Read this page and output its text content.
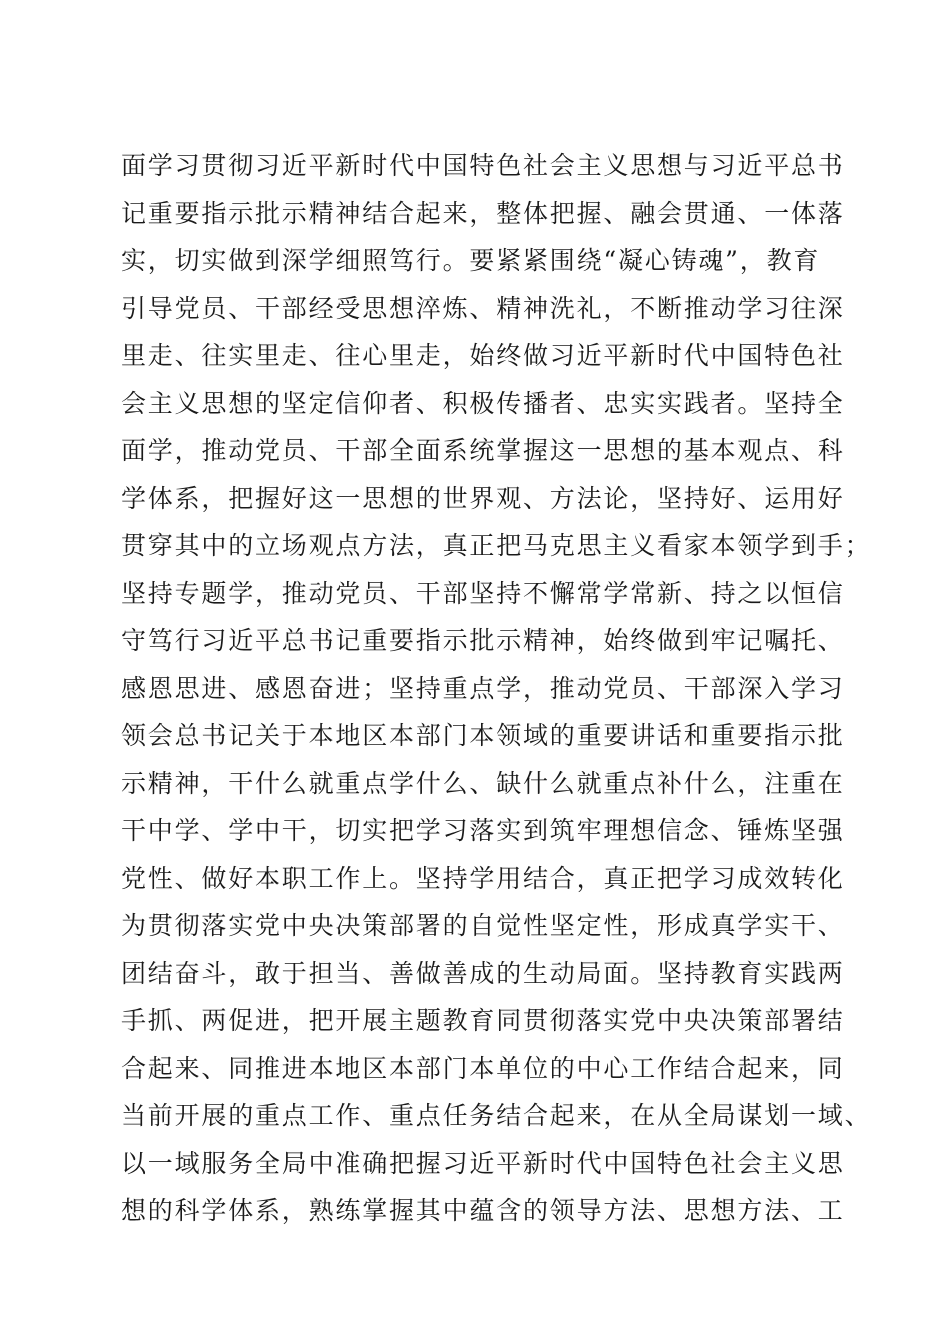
面学习贯彻习近平新时代中国特色社会主义思想与习近平总书
记重要指示批示精神结合起来，整体把握、融会贯通、一体落
实，切实做到深学细照笃行。要紧紧围绕“凝心铸魂”，教育
引导党员、干部经受思想淬炼、精神洗礼，不断推动学习往深
里走、往实里走、往心里走，始终做习近平新时代中国特色社
会主义思想的坚定信仰者、积极传播者、忠实实践者。坚持全
面学，推动党员、干部全面系统掌握这一思想的基本观点、科
学体系，把握好这一思想的世界观、方法论，坚持好、运用好
贯穿其中的立场观点方法，真正把马克思主义看家本领学到手；
坚持专题学，推动党员、干部坚持不懈常学常新、持之以恒信
守笃行习近平总书记重要指示批示精神，始终做到牢记嘱托、
感恩思进、感恩奋进；坚持重点学，推动党员、干部深入学习
领会总书记关于本地区本部门本领域的重要讲话和重要指示批
示精神，干什么就重点学什么、缺什么就重点补什么，注重在
干中学、学中干，切实把学习落实到筑牢理想信念、锤炼坚强
党性、做好本职工作上。坚持学用结合，真正把学习成效转化
为贯彻落实党中央决策部署的自觉性坚定性，形成真学实干、
团结奋斗，敢于担当、善做善成的生动局面。坚持教育实践两
手抓、两促进，把开展主题教育同贯彻落实党中央决策部署结
合起来、同推进本地区本部门本单位的中心工作结合起来，同
当前开展的重点工作、重点任务结合起来，在从全局谋划一域、
以一域服务全局中准确把握习近平新时代中国特色社会主义思
想的科学体系，熟练掌握其中蕴含的领导方法、思想方法、工
